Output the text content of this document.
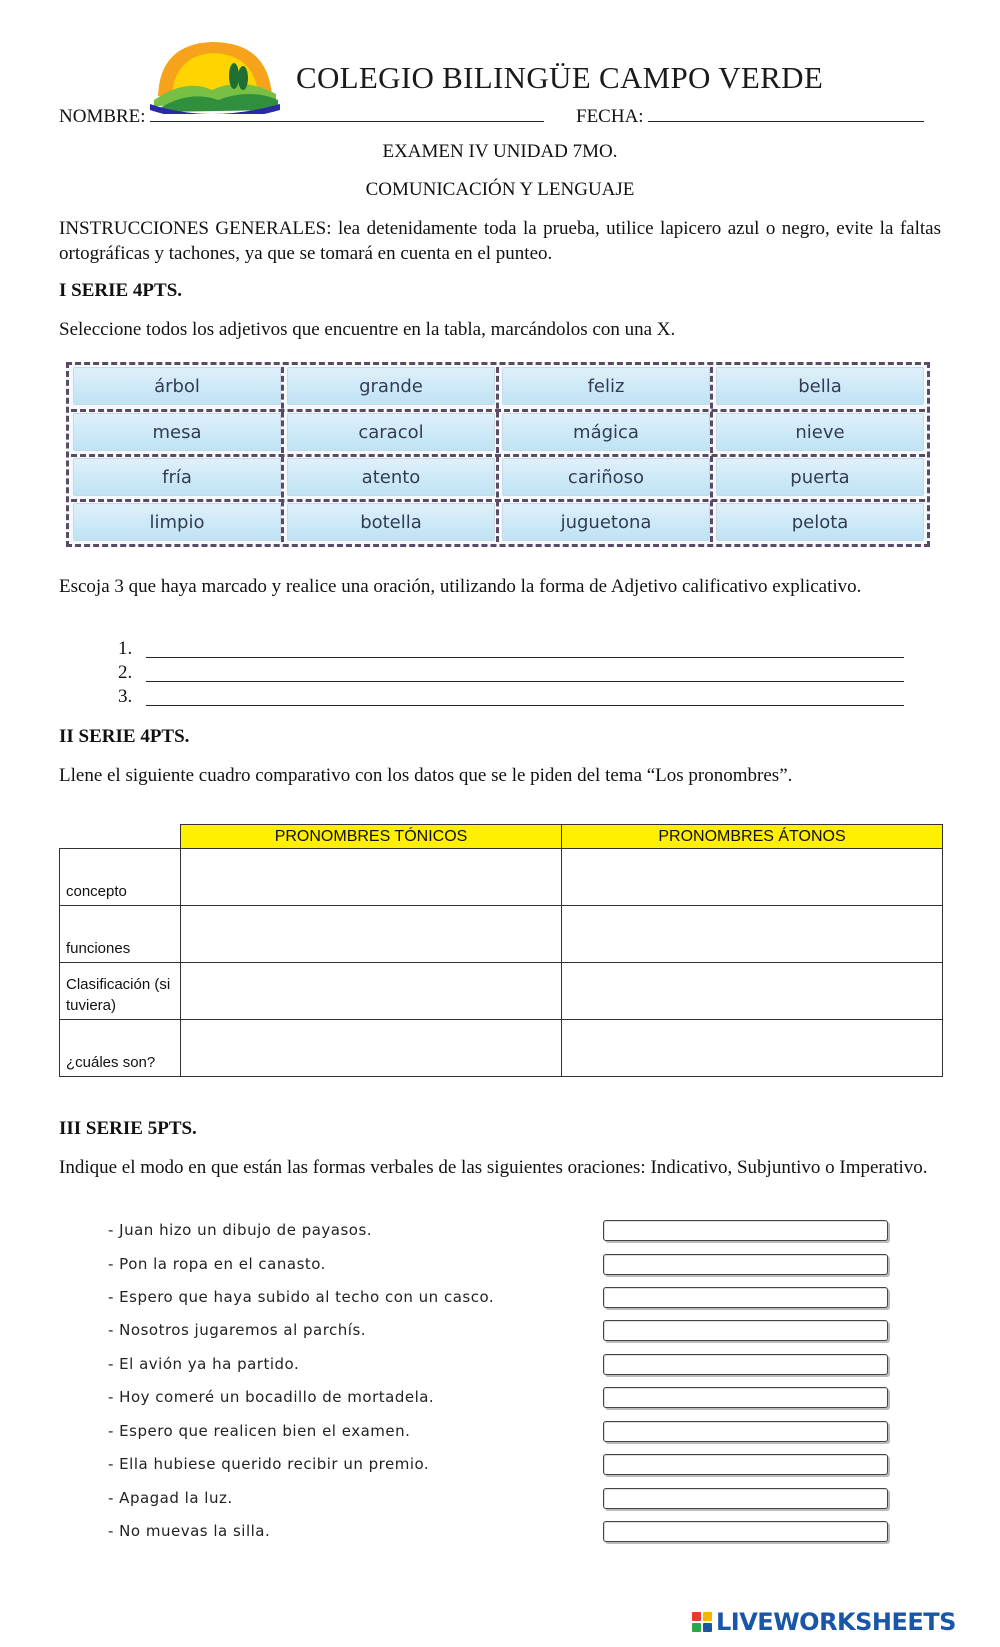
COLEGIO BILINGÜE CAMPO VERDE
NOMBRE:	FECHA:
EXAMEN IV UNIDAD 7MO.
COMUNICACIÓN Y LENGUAJE
INSTRUCCIONES GENERALES: lea detenidamente toda la prueba, utilice lapicero azul o negro, evite la faltas ortográficas y tachones, ya que se tomará en cuenta en el punteo.
I SERIE 4PTS.
Seleccione todos los adjetivos que encuentre en la tabla, marcándolos con una X.
árbol	grande	feliz	bella
mesa	caracol	mágica	nieve
fría	atento	cariñoso	puerta
limpio	botella	juguetona	pelota
Escoja 3 que haya marcado y realice una oración, utilizando la forma de Adjetivo calificativo explicativo.
1.
2.
3.
II SERIE 4PTS.
Llene el siguiente cuadro comparativo con los datos que se le piden del tema “Los pronombres”.
	PRONOMBRES TÓNICOS	PRONOMBRES ÁTONOS
concepto		
funciones		
Clasificación (si tuviera)		
¿cuáles son?		
III SERIE 5PTS.
Indique el modo en que están las formas verbales de las siguientes oraciones: Indicativo, Subjuntivo o Imperativo.
- Juan hizo un dibujo de payasos.
- Pon la ropa en el canasto.
- Espero que haya subido al techo con un casco.
- Nosotros jugaremos al parchís.
- El avión ya ha partido.
- Hoy comeré un bocadillo de mortadela.
- Espero que realicen bien el examen.
- Ella hubiese querido recibir un premio.
- Apagad la luz.
- No muevas la silla.
LIVEWORKSHEETS
